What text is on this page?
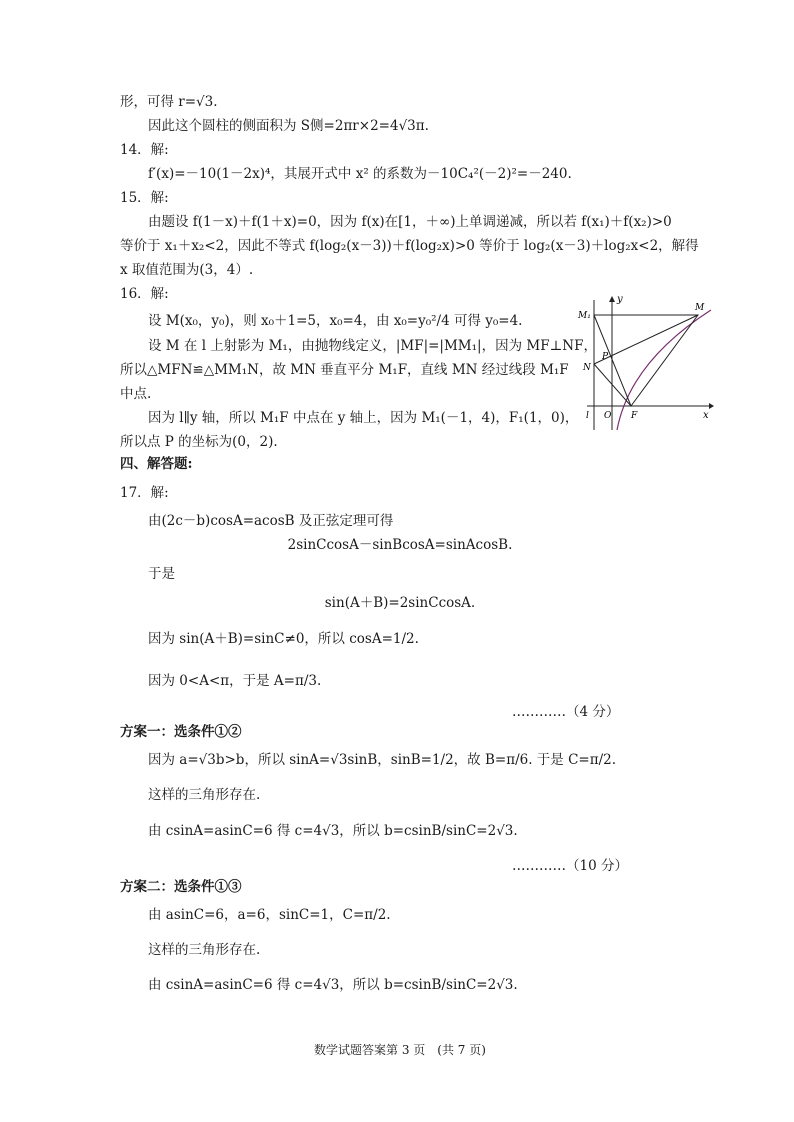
形，可得 r=√3.
因此这个圆柱的侧面积为 S侧=2πr×2=4√3π.
14．解:
f′(x)=－10(1－2x)⁴，其展开式中 x² 的系数为－10C₄²(－2)²=－240.
15．解:
由题设 f(1－x)＋f(1＋x)=0，因为 f(x)在[1，＋∞)上单调递减，所以若 f(x₁)＋f(x₂)>0
等价于 x₁＋x₂<2，因此不等式 f(log₂(x－3))＋f(log₂x)>0 等价于 log₂(x－3)＋log₂x<2，解得
x 取值范围为(3，4）.
16．解:
设 M(x₀，y₀)，则 x₀＋1=5，x₀=4，由 x₀=y₀²/4 可得 y₀=4.
设 M 在 l 上射影为 M₁，由抛物线定义，|MF|=|MM₁|，因为 MF⊥NF，
所以△MFN≌△MM₁N，故 MN 垂直平分 M₁F，直线 MN 经过线段 M₁F
中点.
因为 l∥y 轴，所以 M₁F 中点在 y 轴上，因为 M₁(－1，4)，F₁(1，0)，
所以点 P 的坐标为(0，2).
M₁
y
M
P
N
O F	x
l
四、解答题:
17．解:
由(2c－b)cosA=acosB 及正弦定理可得
2sinCcosA－sinBcosA=sinAcosB.
于是
sin(A＋B)=2sinCcosA.
因为 sin(A＋B)=sinC≠0，所以 cosA=1/2.
因为 0<A<π，于是 A=π/3.
…………（4 分）
方案一：选条件①②
因为 a=√3b>b，所以 sinA=√3sinB，sinB=1/2，故 B=π/6. 于是 C=π/2.
这样的三角形存在.
由 csinA=asinC=6 得 c=4√3，所以 b=csinB/sinC=2√3.
…………（10 分）
方案二：选条件①③
由 asinC=6，a=6，sinC=1，C=π/2.
这样的三角形存在.
由 csinA=asinC=6 得 c=4√3，所以 b=csinB/sinC=2√3.
数学试题答案第 3 页　(共 7 页)
